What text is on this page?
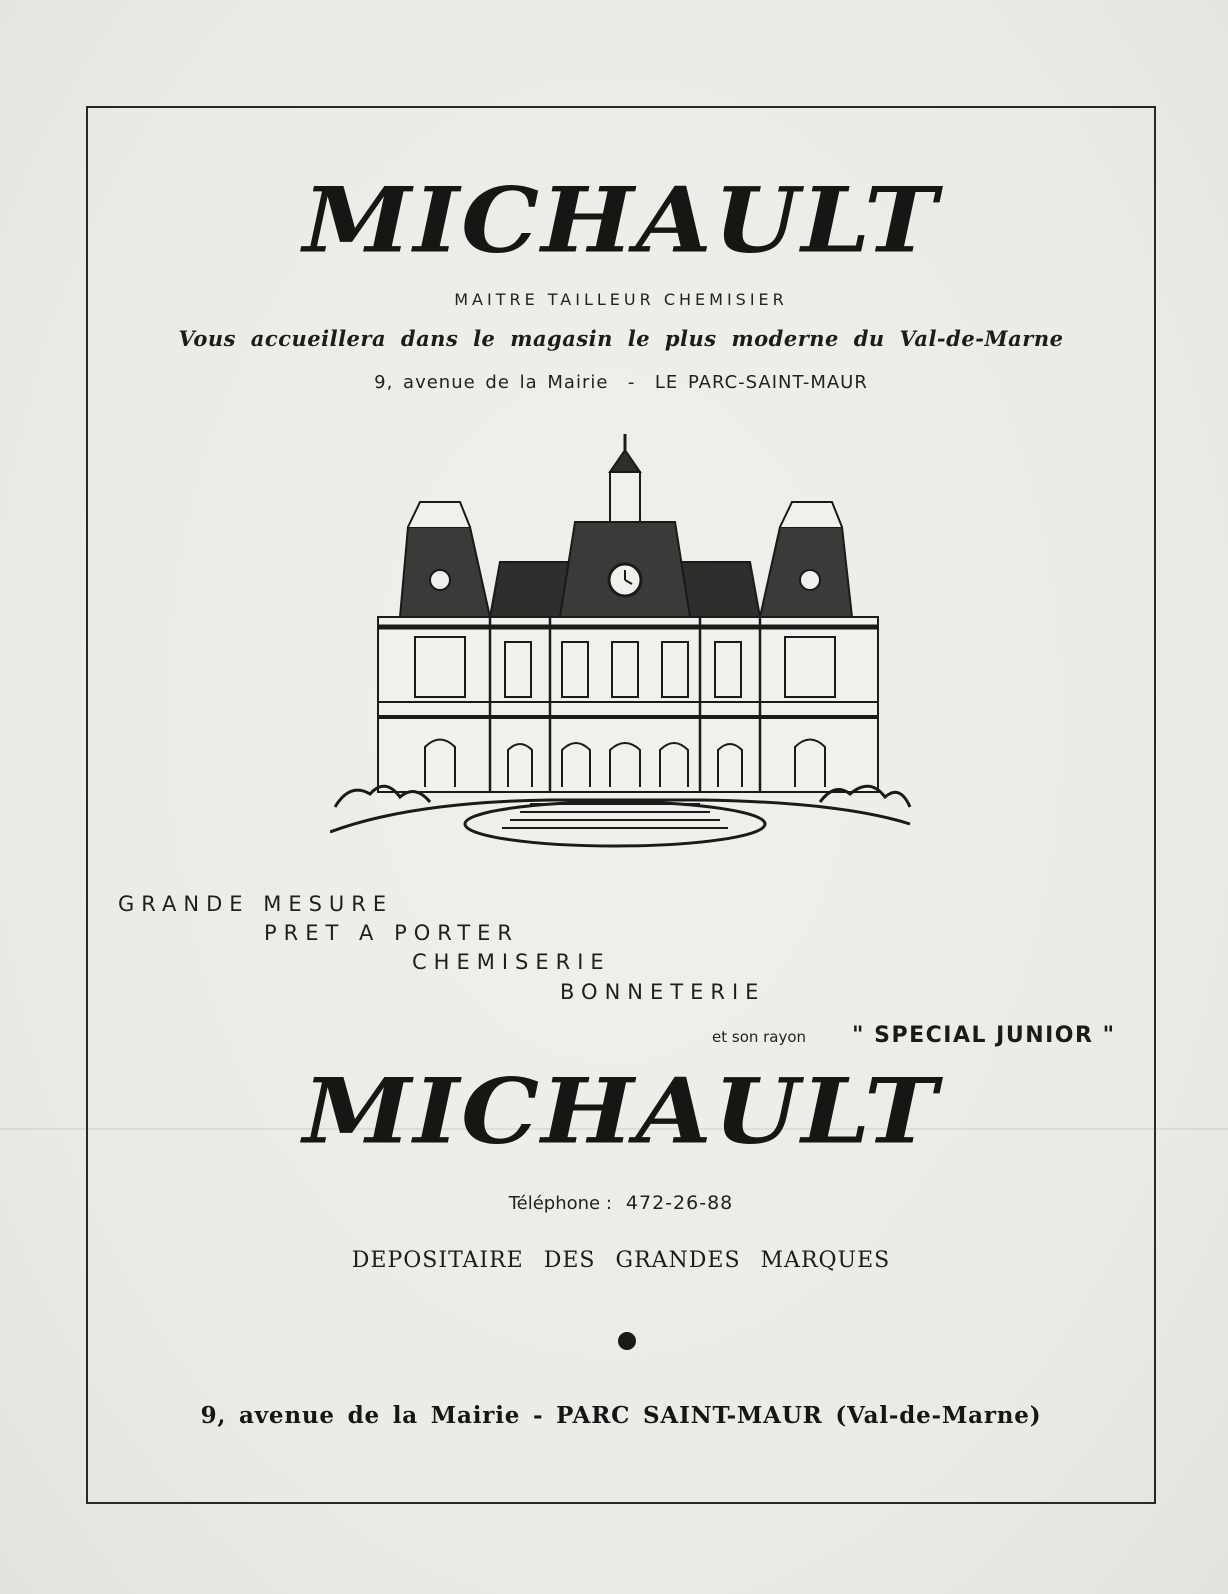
MICHAULT
MAITRE TAILLEUR CHEMISIER
Vous accueillera dans le magasin le plus moderne du Val-de-Marne
9, avenue de la Mairie  -  LE PARC-SAINT-MAUR
GRANDE MESURE
PRET A PORTER
CHEMISERIE
BONNETERIE
et son rayon " SPECIAL JUNIOR "
MICHAULT
Téléphone : 472-26-88
DEPOSITAIRE DES GRANDES MARQUES
9, avenue de la Mairie - PARC SAINT-MAUR (Val-de-Marne)
